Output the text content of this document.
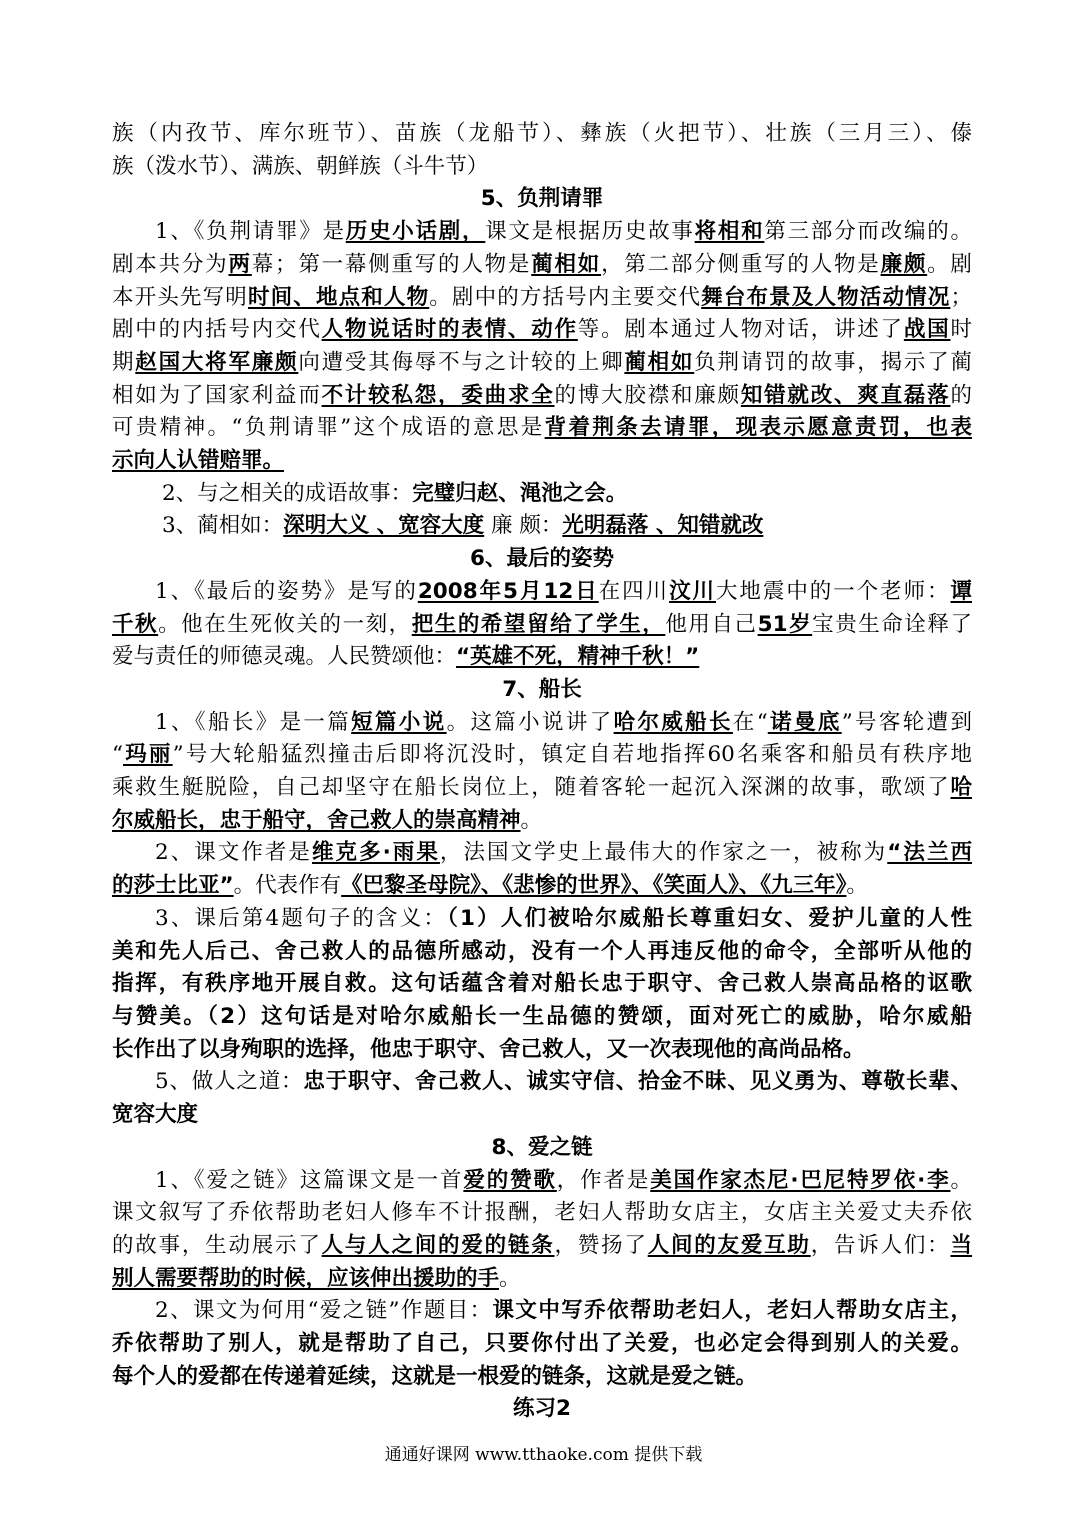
族（内孜节、库尔班节）、苗族（龙船节）、彝族（火把节）、壮族（三月三）、傣
族（泼水节）、满族、朝鲜族（斗牛节）
5、负荆请罪
1、《负荆请罪》是历史小话剧，课文是根据历史故事将相和第三部分而改编的。
剧本共分为两幕；第一幕侧重写的人物是蔺相如，第二部分侧重写的人物是廉颇。剧
本开头先写明时间、地点和人物。剧中的方括号内主要交代舞台布景及人物活动情况；
剧中的内括号内交代人物说话时的表情、动作等。剧本通过人物对话，讲述了战国时
期赵国大将军廉颇向遭受其侮辱不与之计较的上卿蔺相如负荆请罚的故事，揭示了蔺
相如为了国家利益而不计较私怨，委曲求全的博大胶襟和廉颇知错就改、爽直磊落的
可贵精神。“负荆请罪”这个成语的意思是背着荆条去请罪，现表示愿意责罚，也表
示向人认错赔罪。
2、与之相关的成语故事：完璧归赵、渑池之会。
3、蔺相如：深明大义 、宽容大度 廉 颇：光明磊落 、知错就改
6、最后的姿势
1、《最后的姿势》是写的2008年5月12日在四川汶川大地震中的一个老师：谭
千秋。他在生死攸关的一刻，把生的希望留给了学生，他用自己51岁宝贵生命诠释了
爱与责任的师德灵魂。人民赞颂他：“英雄不死，精神千秋！”
7、船长
1、《船长》是一篇短篇小说。这篇小说讲了哈尔威船长在“诺曼底”号客轮遭到
“玛丽”号大轮船猛烈撞击后即将沉没时，镇定自若地指挥60名乘客和船员有秩序地
乘救生艇脱险，自己却坚守在船长岗位上，随着客轮一起沉入深渊的故事，歌颂了哈
尔威船长，忠于船守，舍己救人的崇高精神。
2、课文作者是维克多·雨果，法国文学史上最伟大的作家之一，被称为“法兰西
的莎士比亚”。代表作有《巴黎圣母院》、《悲惨的世界》、《笑面人》、《九三年》。
3、课后第4题句子的含义：（1）人们被哈尔威船长尊重妇女、爱护儿童的人性
美和先人后己、舍己救人的品德所感动，没有一个人再违反他的命令，全部听从他的
指挥，有秩序地开展自救。这句话蕴含着对船长忠于职守、舍己救人崇高品格的讴歌
与赞美。（2）这句话是对哈尔威船长一生品德的赞颂，面对死亡的威胁，哈尔威船
长作出了以身殉职的选择，他忠于职守、舍己救人，又一次表现他的高尚品格。
5、做人之道：忠于职守、舍己救人、诚实守信、拾金不昧、见义勇为、尊敬长辈、
宽容大度
8、爱之链
1、《爱之链》这篇课文是一首爱的赞歌，作者是美国作家杰尼·巴尼特罗依·李。
课文叙写了乔依帮助老妇人修车不计报酬，老妇人帮助女店主，女店主关爱丈夫乔依
的故事，生动展示了人与人之间的爱的链条，赞扬了人间的友爱互助，告诉人们：当
别人需要帮助的时候，应该伸出援助的手。
2、课文为何用“爱之链”作题目：课文中写乔依帮助老妇人，老妇人帮助女店主，
乔依帮助了别人，就是帮助了自己，只要你付出了关爱，也必定会得到别人的关爱。
每个人的爱都在传递着延续，这就是一根爱的链条，这就是爱之链。
练习2
通通好课网 www.tthaoke.com 提供下载
